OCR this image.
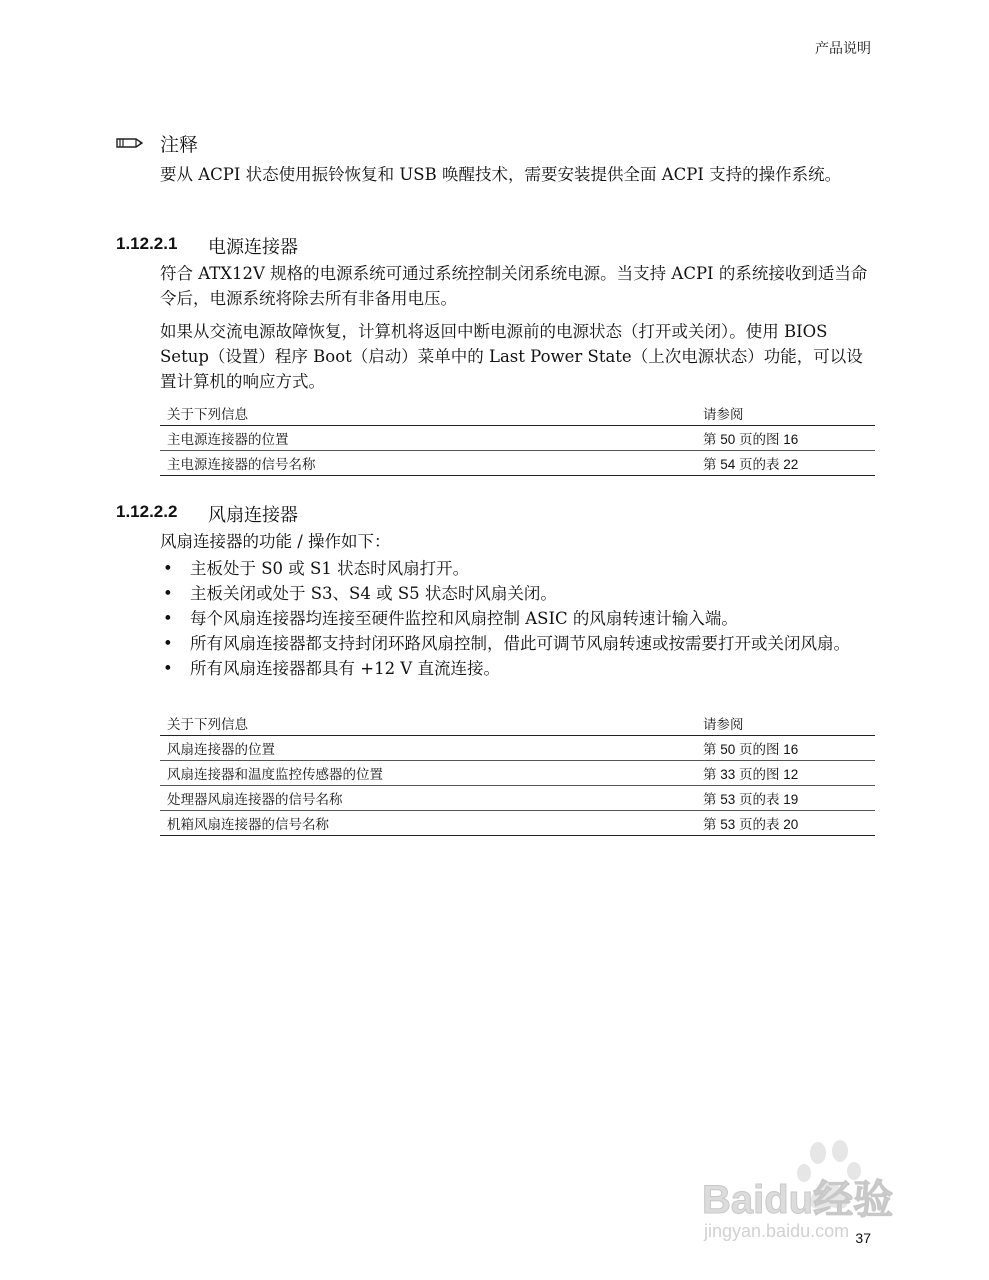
产品说明
注释
要从 ACPI 状态使用振铃恢复和 USB 唤醒技术，需要安装提供全面 ACPI 支持的操作系统。
1.12.2.1 电源连接器
符合 ATX12V 规格的电源系统可通过系统控制关闭系统电源。当支持 ACPI 的系统接收到适当命令后，电源系统将除去所有非备用电压。
如果从交流电源故障恢复，计算机将返回中断电源前的电源状态（打开或关闭）。使用 BIOS Setup（设置）程序 Boot（启动）菜单中的 Last Power State（上次电源状态）功能，可以设置计算机的响应方式。
关于下列信息	请参阅
主电源连接器的位置	第 50 页的图 16
主电源连接器的信号名称	第 54 页的表 22
1.12.2.2 风扇连接器
风扇连接器的功能 / 操作如下：
• 主板处于 S0 或 S1 状态时风扇打开。
• 主板关闭或处于 S3、S4 或 S5 状态时风扇关闭。
• 每个风扇连接器均连接至硬件监控和风扇控制 ASIC 的风扇转速计输入端。
• 所有风扇连接器都支持封闭环路风扇控制，借此可调节风扇转速或按需要打开或关闭风扇。
• 所有风扇连接器都具有 +12 V 直流连接。
关于下列信息	请参阅
风扇连接器的位置	第 50 页的图 16
风扇连接器和温度监控传感器的位置	第 33 页的图 12
处理器风扇连接器的信号名称	第 53 页的表 19
机箱风扇连接器的信号名称	第 53 页的表 20
Baidu经验
jingyan.baidu.com 37
